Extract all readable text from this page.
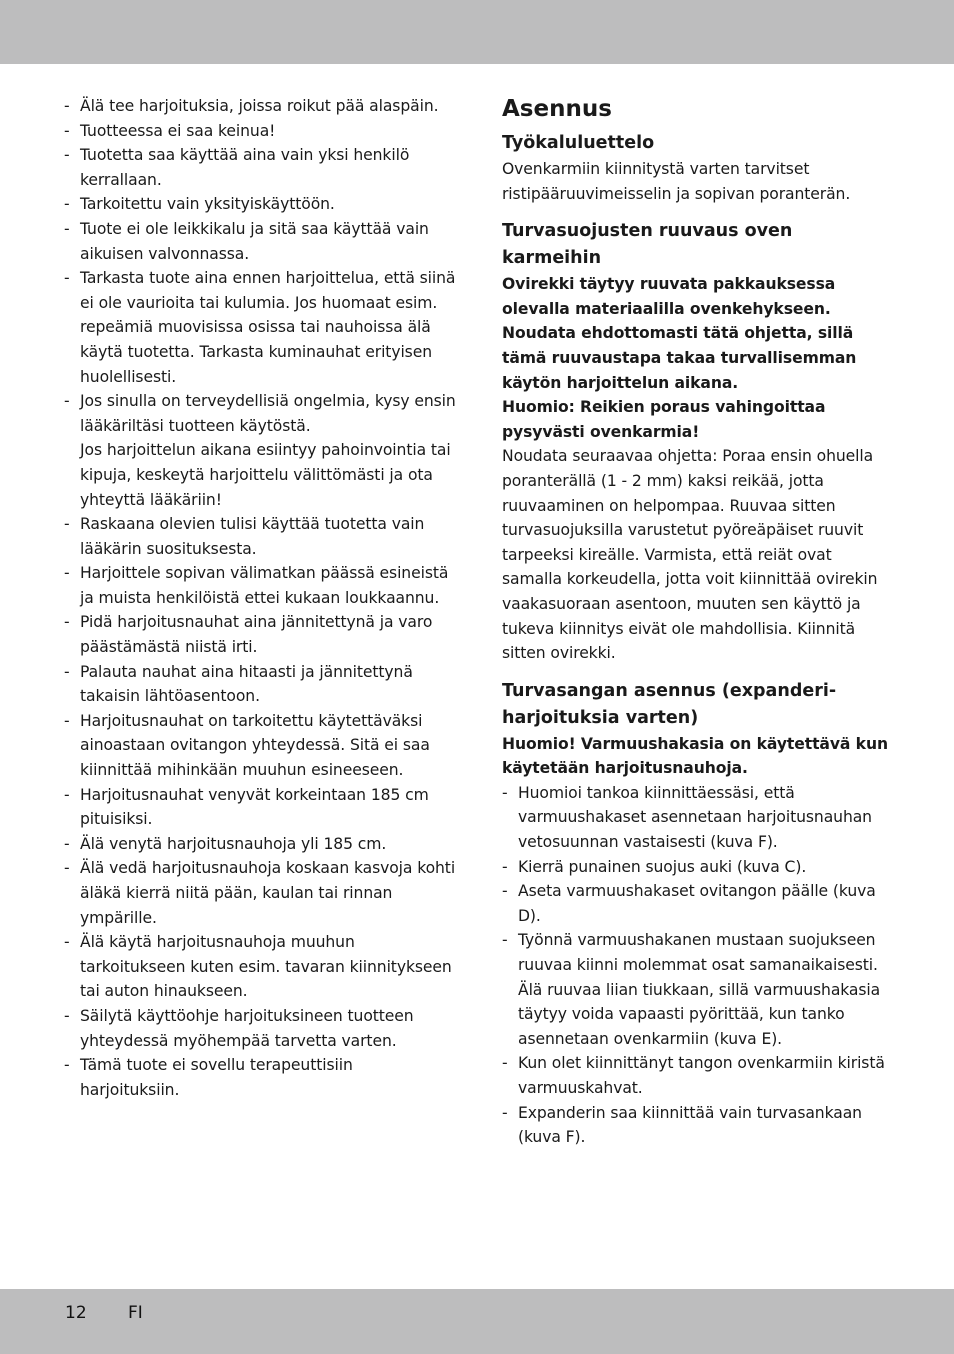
- Älä tee harjoituksia, joissa roikut pää alaspäin.
- Tuotteessa ei saa keinua!
- Tuotetta saa käyttää aina vain yksi henkilö kerrallaan.
- Tarkoitettu vain yksityiskäyttöön.
- Tuote ei ole leikkikalu ja sitä saa käyttää vain aikuisen valvonnassa.
- Tarkasta tuote aina ennen harjoittelua, että siinä ei ole vaurioita tai kulumia. Jos huomaat esim. repeämiä muovisissa osissa tai nauhoissa älä käytä tuotetta. Tarkasta kuminauhat erityisen huolellisesti.
- Jos sinulla on terveydellisiä ongelmia, kysy ensin lääkäriltäsi tuotteen käytöstä.
Jos harjoittelun aikana esiintyy pahoinvointia tai kipuja, keskeytä harjoittelu välittömästi ja ota yhteyttä lääkäriin!
- Raskaana olevien tulisi käyttää tuotetta vain lääkärin suosituksesta.
- Harjoittele sopivan välimatkan päässä esineistä ja muista henkilöistä ettei kukaan loukkaannu.
- Pidä harjoitusnauhat aina jännitettynä ja varo päästämästä niistä irti.
- Palauta nauhat aina hitaasti ja jännitettynä takaisin lähtöasentoon.
- Harjoitusnauhat on tarkoitettu käytettäväksi ainoastaan ovitangon yhteydessä. Sitä ei saa kiinnittää mihinkään muuhun esineeseen.
- Harjoitusnauhat venyvät korkeintaan 185 cm pituisiksi.
- Älä venytä harjoitusnauhoja yli 185 cm.
- Älä vedä harjoitusnauhoja koskaan kasvoja kohti äläkä kierrä niitä pään, kaulan tai rinnan ympärille.
- Älä käytä harjoitusnauhoja muuhun tarkoitukseen kuten esim. tavaran kiinnitykseen tai auton hinaukseen.
- Säilytä käyttöohje harjoituksineen tuotteen yhteydessä myöhempää tarvetta varten.
- Tämä tuote ei sovellu terapeuttisiin harjoituksiin.
Asennus
Työkaluluettelo

Ovenkarmiin kiinnitystä varten tarvitset ristipääruuvimeisselin ja sopivan poranterän.

Turvasuojusten ruuvaus oven karmeihin

Ovirekki täytyy ruuvata pakkauksessa olevalla materiaalilla ovenkehykseen. Noudata ehdottomasti tätä ohjetta, sillä tämä ruuvaustapa takaa turvallisemman käytön harjoittelun aikana.

Huomio: Reikien poraus vahingoittaa pysyvästi ovenkarmia!

Noudata seuraavaa ohjetta: Poraa ensin ohuella poranterällä (1 - 2 mm) kaksi reikää, jotta ruuvaaminen on helpompaa. Ruuvaa sitten turvasuojuksilla varustetut pyöreäpäiset ruuvit tarpeeksi kireälle. Varmista, että reiät ovat samalla korkeudella, jotta voit kiinnittää ovirekin vaakasuoraan asentoon, muuten sen käyttö ja tukeva kiinnitys eivät ole mahdollisia. Kiinnitä sitten ovirekki.

Turvasangan asennus (expanderi-harjoituksia varten)

Huomio! Varmuushakasia on käytettävä kun käytetään harjoitusnauhoja.

- Huomioi tankoa kiinnittäessäsi, että varmuushakaset asennetaan harjoitusnauhan vetosuunnan vastaisesti (kuva F).
- Kierrä punainen suojus auki (kuva C).
- Aseta varmuushakaset ovitangon päälle (kuva D).
- Työnnä varmuushakanen mustaan suojukseen ruuvaa kiinni molemmat osat samanaikaisesti. Älä ruuvaa liian tiukkaan, sillä varmuushakasia täytyy voida vapaasti pyörittää, kun tanko asennetaan ovenkarmiin (kuva E).
- Kun olet kiinnittänyt tangon ovenkarmiin kiristä varmuuskahvat.
- Expanderin saa kiinnittää vain turvasankaan (kuva F).
12 FI
